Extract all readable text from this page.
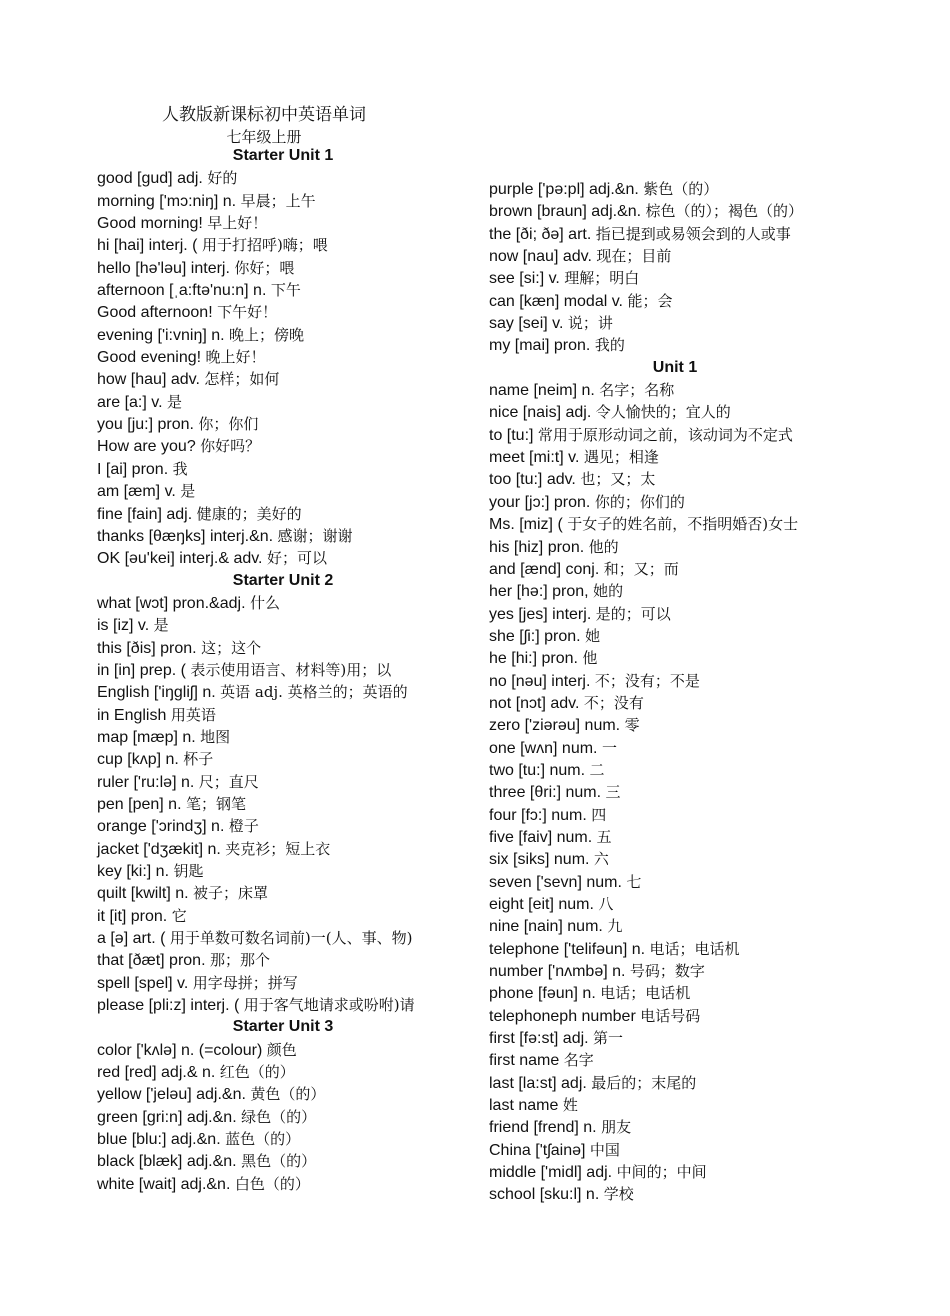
人教版新课标初中英语单词
七年级上册
Starter Unit 1
good [gud] adj. 好的
morning ['mɔ:niŋ] n. 早晨；上午
Good morning! 早上好！
hi [hai] interj. ( 用于打招呼)嗨；喂
hello [hə'ləu] interj. 你好；喂
afternoon [ˌa:ftə'nu:n] n. 下午
Good afternoon! 下午好！
evening ['i:vniŋ] n. 晚上；傍晚
Good evening! 晚上好！
how [hau] adv. 怎样；如何
are [a:] v. 是
you [ju:] pron. 你；你们
How are you? 你好吗？
I [ai] pron. 我
am [æm] v. 是
fine [fain] adj. 健康的；美好的
thanks [θæŋks] interj.&n. 感谢；谢谢
OK [əu'kei] interj.& adv. 好；可以
Starter Unit 2
what [wɔt] pron.&adj. 什么
is [iz] v. 是
this [ðis] pron. 这；这个
in [in] prep. ( 表示使用语言、材料等)用；以
English ['iŋgliʃ] n. 英语 adj. 英格兰的；英语的
in English 用英语
map [mæp] n. 地图
cup [kʌp] n. 杯子
ruler ['ru:lə] n. 尺；直尺
pen [pen] n. 笔；钢笔
orange ['ɔrindʒ] n. 橙子
jacket ['dʒækit] n. 夹克衫；短上衣
key [ki:] n. 钥匙
quilt [kwilt] n. 被子；床罩
it [it] pron. 它
a [ə] art. ( 用于单数可数名词前)一(人、事、物)
that [ðæt] pron. 那；那个
spell [spel] v. 用字母拼；拼写
please [pli:z] interj. ( 用于客气地请求或吩咐)请
Starter Unit 3
color ['kʌlə] n. (=colour) 颜色
red [red] adj.& n. 红色（的）
yellow ['jeləu] adj.&n. 黄色（的）
green [gri:n] adj.&n. 绿色（的）
blue [blu:] adj.&n. 蓝色（的）
black [blæk] adj.&n. 黑色（的）
white [wait] adj.&n. 白色（的）
purple ['pə:pl] adj.&n. 紫色（的）
brown [braun] adj.&n. 棕色（的）；褐色（的）
the [ði; ðə] art. 指已提到或易领会到的人或事
now [nau] adv. 现在；目前
see [si:] v. 理解；明白
can [kæn] modal v. 能；会
say [sei] v. 说；讲
my [mai] pron. 我的
Unit 1
name [neim] n. 名字；名称
nice [nais] adj. 令人愉快的；宜人的
to [tu:] 常用于原形动词之前，该动词为不定式
meet [mi:t] v. 遇见；相逢
too [tu:] adv. 也；又；太
your [jɔ:] pron. 你的；你们的
Ms. [miz] ( 于女子的姓名前，不指明婚否)女士
his [hiz] pron. 他的
and [ænd] conj. 和；又；而
her [hə:] pron, 她的
yes [jes] interj. 是的；可以
she [ʃi:] pron. 她
he [hi:] pron. 他
no [nəu] interj. 不；没有；不是
not [nɔt] adv. 不；没有
zero ['ziərəu] num. 零
one [wʌn] num. 一
two [tu:] num. 二
three [θri:] num. 三
four [fɔ:] num. 四
five [faiv] num. 五
six [siks] num. 六
seven ['sevn] num. 七
eight [eit] num. 八
nine [nain] num. 九
telephone ['telifəun] n. 电话；电话机
number ['nʌmbə] n. 号码；数字
phone [fəun] n. 电话；电话机
telephoneph number 电话号码
first [fə:st] adj. 第一
first name 名字
last [la:st] adj. 最后的；末尾的
last name 姓
friend [frend] n. 朋友
China ['tʃainə] 中国
middle ['midl] adj. 中间的；中间
school [sku:l] n. 学校
